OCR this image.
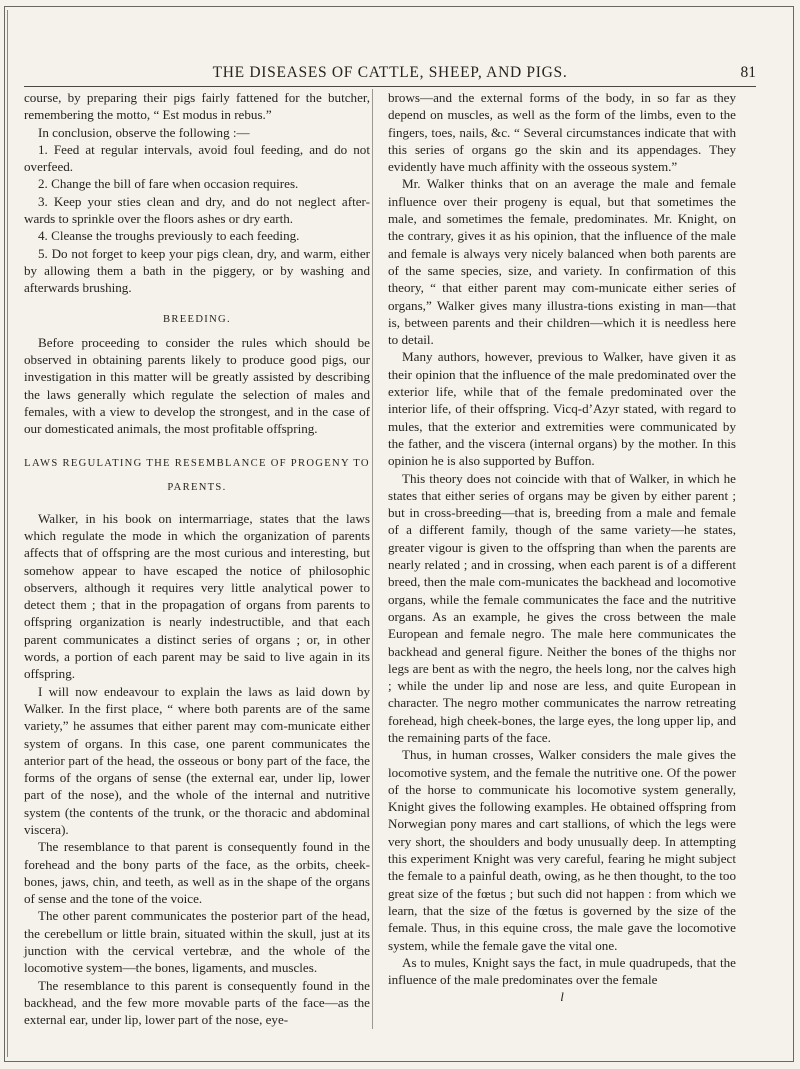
THE DISEASES OF CATTLE, SHEEP, AND PIGS.	81

course, by preparing their pigs fairly fattened for the butcher, remembering the motto, “ Est modus in rebus.”

In conclusion, observe the following :—

1. Feed at regular intervals, avoid foul feeding, and do not overfeed.

2. Change the bill of fare when occasion requires.

3. Keep your sties clean and dry, and do not neglect after-wards to sprinkle over the floors ashes or dry earth.

4. Cleanse the troughs previously to each feeding.

5. Do not forget to keep your pigs clean, dry, and warm, either by allowing them a bath in the piggery, or by washing and afterwards brushing.

BREEDING.

Before proceeding to consider the rules which should be observed in obtaining parents likely to produce good pigs, our investigation in this matter will be greatly assisted by describing the laws generally which regulate the selection of males and females, with a view to develop the strongest, and in the case of our domesticated animals, the most profitable offspring.

LAWS REGULATING THE RESEMBLANCE OF PROGENY TO
PARENTS.

Walker, in his book on intermarriage, states that the laws which regulate the mode in which the organization of parents affects that of offspring are the most curious and interesting, but somehow appear to have escaped the notice of philosophic observers, although it requires very little analytical power to detect them ; that in the propagation of organs from parents to offspring organization is nearly indestructible, and that each parent communicates a distinct series of organs ; or, in other words, a portion of each parent may be said to live again in its offspring.

I will now endeavour to explain the laws as laid down by Walker. In the first place, “ where both parents are of the same variety,” he assumes that either parent may com-municate either system of organs. In this case, one parent communicates the anterior part of the head, the osseous or bony part of the face, the forms of the organs of sense (the external ear, under lip, lower part of the nose), and the whole of the internal and nutritive system (the contents of the trunk, or the thoracic and abdominal viscera).

The resemblance to that parent is consequently found in the forehead and the bony parts of the face, as the orbits, cheek-bones, jaws, chin, and teeth, as well as in the shape of the organs of sense and the tone of the voice.

The other parent communicates the posterior part of the head, the cerebellum or little brain, situated within the skull, just at its junction with the cervical vertebræ, and the whole of the locomotive system—the bones, ligaments, and muscles.

The resemblance to this parent is consequently found in the backhead, and the few more movable parts of the face—as the external ear, under lip, lower part of the nose, eye-

brows—and the external forms of the body, in so far as they depend on muscles, as well as the form of the limbs, even to the fingers, toes, nails, &c. “ Several circumstances indicate that with this series of organs go the skin and its appendages. They evidently have much affinity with the osseous system.”

Mr. Walker thinks that on an average the male and female influence over their progeny is equal, but that sometimes the male, and sometimes the female, predominates. Mr. Knight, on the contrary, gives it as his opinion, that the influence of the male and female is always very nicely balanced when both parents are of the same species, size, and variety. In confirmation of this theory, “ that either parent may com-municate either series of organs,” Walker gives many illustra-tions existing in man—that is, between parents and their children—which it is needless here to detail.

Many authors, however, previous to Walker, have given it as their opinion that the influence of the male predominated over the exterior life, while that of the female predominated over the interior life, of their offspring. Vicq-d’Azyr stated, with regard to mules, that the exterior and extremities were communicated by the father, and the viscera (internal organs) by the mother. In this opinion he is also supported by Buffon.

This theory does not coincide with that of Walker, in which he states that either series of organs may be given by either parent ; but in cross-breeding—that is, breeding from a male and female of a different family, though of the same variety—he states, greater vigour is given to the offspring than when the parents are nearly related ; and in crossing, when each parent is of a different breed, then the male com-municates the backhead and locomotive organs, while the female communicates the face and the nutritive organs. As an example, he gives the cross between the male European and female negro. The male here communicates the backhead and general figure. Neither the bones of the thighs nor legs are bent as with the negro, the heels long, nor the calves high ; while the under lip and nose are less, and quite European in character. The negro mother communicates the narrow retreating forehead, high cheek-bones, the large eyes, the long upper lip, and the remaining parts of the face.

Thus, in human crosses, Walker considers the male gives the locomotive system, and the female the nutritive one. Of the power of the horse to communicate his locomotive system generally, Knight gives the following examples. He obtained offspring from Norwegian pony mares and cart stallions, of which the legs were very short, the shoulders and body unusually deep. In attempting this experiment Knight was very careful, fearing he might subject the female to a painful death, owing, as he then thought, to the too great size of the fœtus ; but such did not happen : from which we learn, that the size of the fœtus is governed by the size of the female. Thus, in this equine cross, the male gave the locomotive system, while the female gave the vital one.

As to mules, Knight says the fact, in mule quadrupeds, that the influence of the male predominates over the female

l
